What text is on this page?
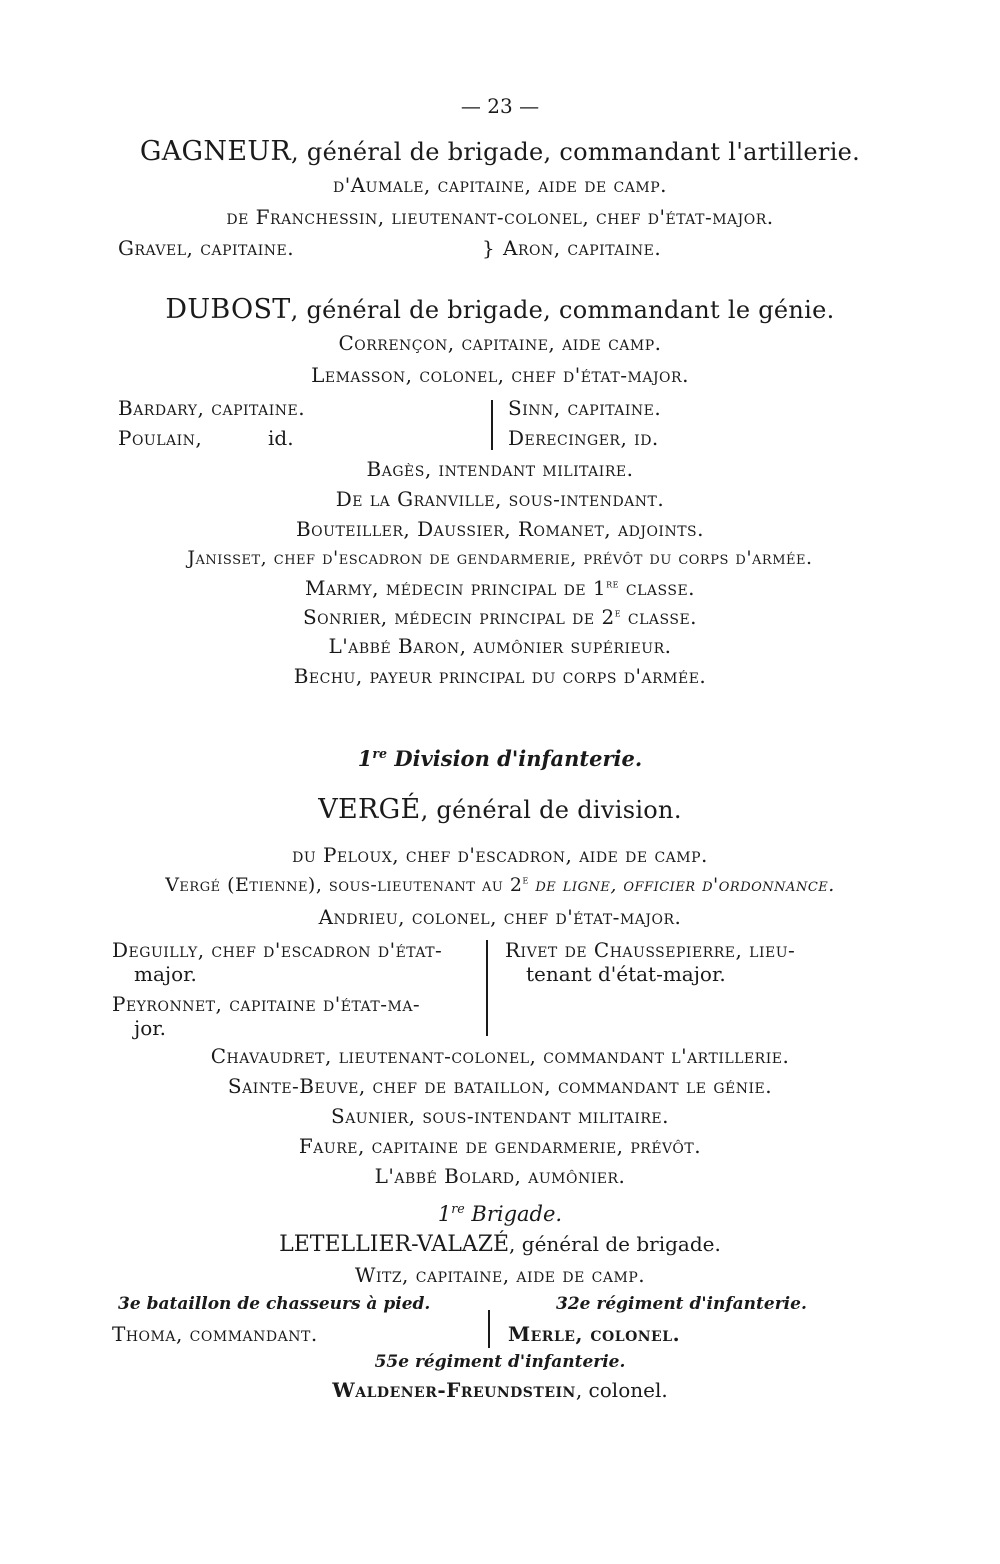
— 23 —
GAGNEUR, général de brigade, commandant l'artillerie.
d'Aumale, capitaine, aide de camp.
de Franchessin, lieutenant-colonel, chef d'état-major.
Gravel, capitaine.	} Aron, capitaine.
DUBOST, général de brigade, commandant le génie.
Corrençon, capitaine, aide camp.
Lemasson, colonel, chef d'état-major.
Bardary, capitaine.
Poulain,	id.
Sinn, capitaine.
Derecinger, id.
Bagès, intendant militaire.
De la Granville, sous-intendant.
Bouteiller, Daussier, Romanet, adjoints.
Janisset, chef d'escadron de gendarmerie, prévôt du corps d'armée.
Marmy, médecin principal de 1re classe.
Sonrier, médecin principal de 2e classe.
L'abbé Baron, aumônier supérieur.
Bechu, payeur principal du corps d'armée.
1re Division d'infanterie.
VERGÉ, général de division.
du Peloux, chef d'escadron, aide de camp.
Vergé (Etienne), sous-lieutenant au 2e de ligne, officier d'ordonnance.
Andrieu, colonel, chef d'état-major.
Deguilly, chef d'escadron d'état-
major.
Peyronnet, capitaine d'état-ma-
jor.
Rivet de Chaussepierre, lieu-
tenant d'état-major.
Chavaudret, lieutenant-colonel, commandant l'artillerie.
Sainte-Beuve, chef de bataillon, commandant le génie.
Saunier, sous-intendant militaire.
Faure, capitaine de gendarmerie, prévôt.
L'abbé Bolard, aumônier.
1re Brigade.
LETELLIER-VALAZÉ, général de brigade.
Witz, capitaine, aide de camp.
3e bataillon de chasseurs à pied.
Thoma, commandant.
32e régiment d'infanterie.
Merle, colonel.
55e régiment d'infanterie.
Waldener-Freundstein, colonel.
